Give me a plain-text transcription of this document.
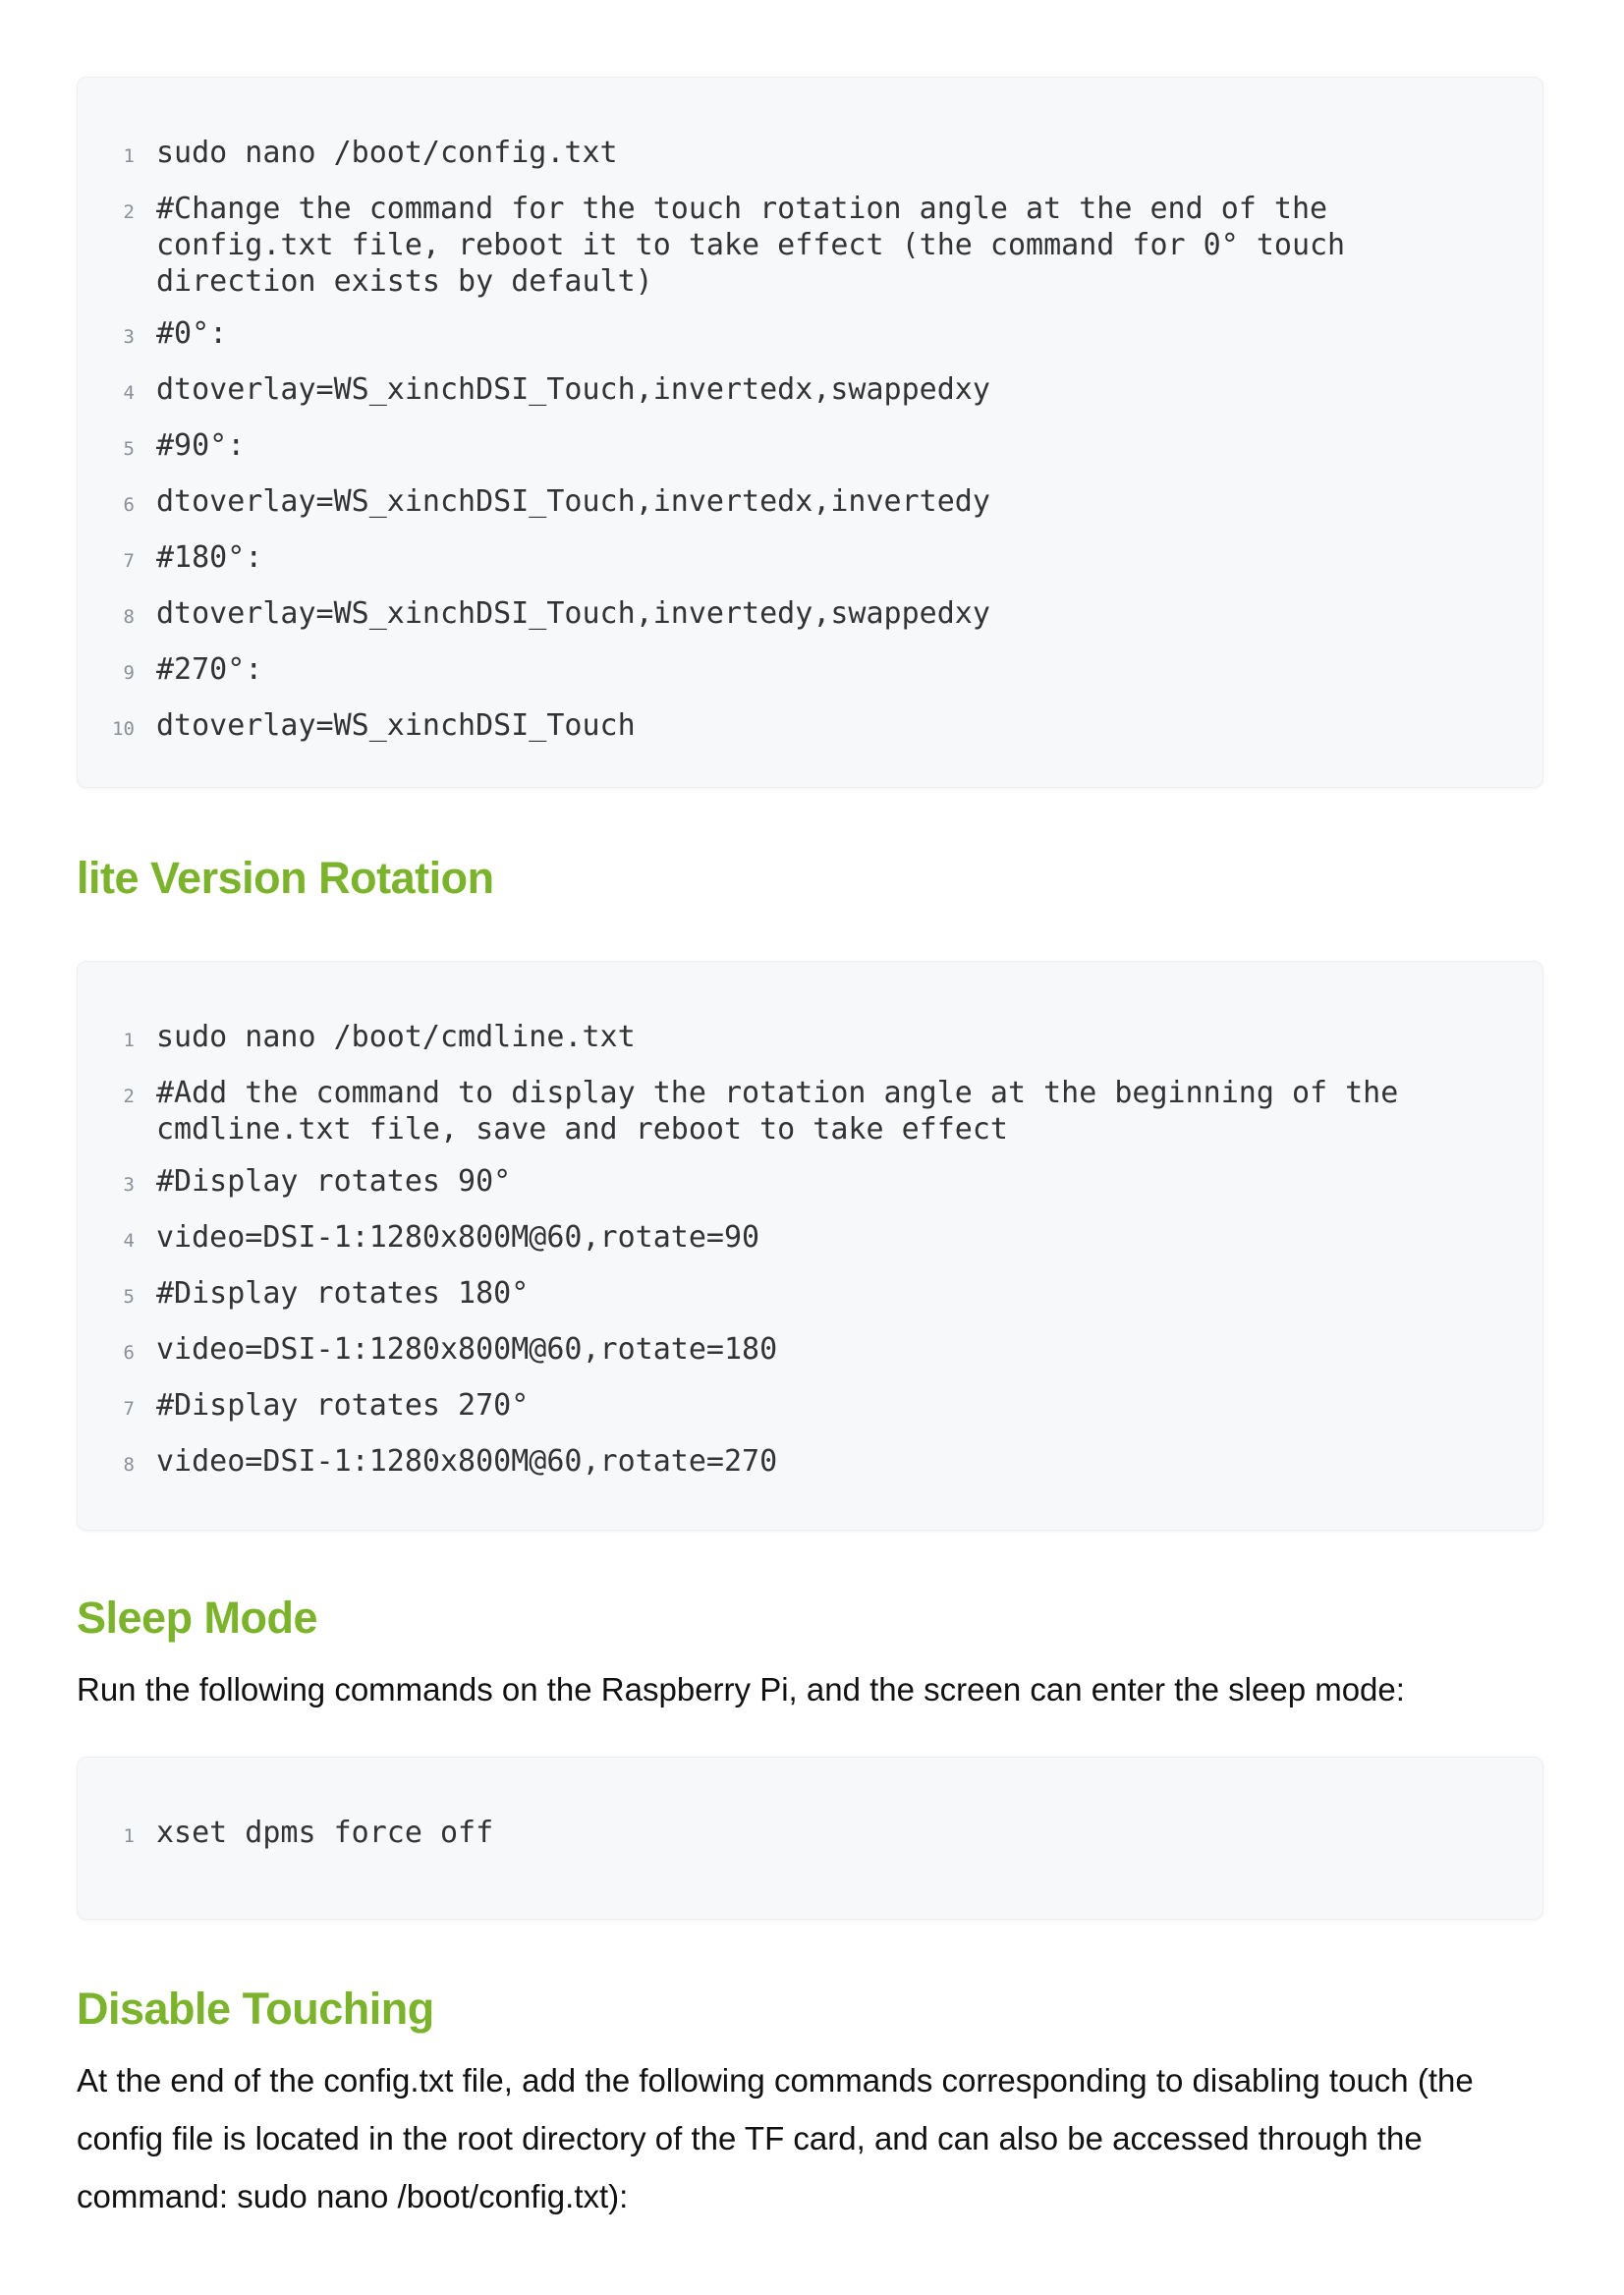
1 sudo nano /boot/config.txt
2 #Change the command for the touch rotation angle at the end of the config.txt file, reboot it to take effect (the command for 0° touch direction exists by default)
3 #0°:
4 dtoverlay=WS_xinchDSI_Touch,invertedx,swappedxy
5 #90°:
6 dtoverlay=WS_xinchDSI_Touch,invertedx,invertedy
7 #180°:
8 dtoverlay=WS_xinchDSI_Touch,invertedy,swappedxy
9 #270°:
10 dtoverlay=WS_xinchDSI_Touch
lite Version Rotation
1 sudo nano /boot/cmdline.txt
2 #Add the command to display the rotation angle at the beginning of the cmdline.txt file, save and reboot to take effect
3 #Display rotates 90°
4 video=DSI-1:1280x800M@60,rotate=90
5 #Display rotates 180°
6 video=DSI-1:1280x800M@60,rotate=180
7 #Display rotates 270°
8 video=DSI-1:1280x800M@60,rotate=270
Sleep Mode

Run the following commands on the Raspberry Pi, and the screen can enter the sleep mode:

1 xset dpms force off
Disable Touching

At the end of the config.txt file, add the following commands corresponding to disabling touch (the config file is located in the root directory of the TF card, and can also be accessed through the command: sudo nano /boot/config.txt):
